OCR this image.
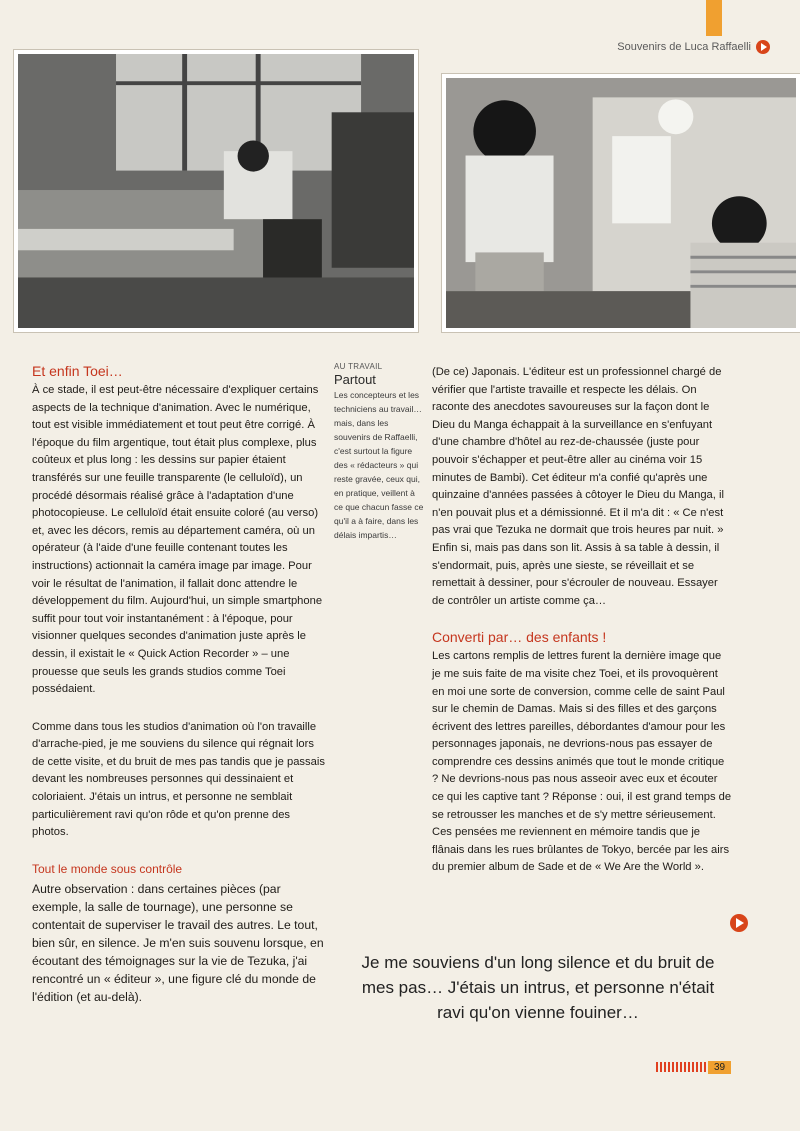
Souvenirs de Luca Raffaelli
Et enfin Toei…

À ce stade, il est peut-être nécessaire d'expliquer certains aspects de la technique d'animation. Avec le numérique, tout est visible immédiatement et tout peut être corrigé. À l'époque du film argentique, tout était plus complexe, plus coûteux et plus long : les dessins sur papier étaient transférés sur une feuille transparente (le celluloïd), un procédé désormais réalisé grâce à l'adaptation d'une photocopieuse. Le celluloïd était ensuite coloré (au verso) et, avec les décors, remis au département caméra, où un opérateur (à l'aide d'une feuille contenant toutes les instructions) actionnait la caméra image par image. Pour voir le résultat de l'animation, il fallait donc attendre le développement du film. Aujourd'hui, un simple smartphone suffit pour tout voir instantanément : à l'époque, pour visionner quelques secondes d'animation juste après le dessin, il existait le « Quick Action Recorder » – une prouesse que seuls les grands studios comme Toei possédaient.

Comme dans tous les studios d'animation où l'on travaille d'arrache-pied, je me souviens du silence qui régnait lors de cette visite, et du bruit de mes pas tandis que je passais devant les nombreuses personnes qui dessinaient et coloriaient. J'étais un intrus, et personne ne semblait particulièrement ravi qu'on rôde et qu'on prenne des photos.

Tout le monde sous contrôle

Autre observation : dans certaines pièces (par exemple, la salle de tournage), une personne se contentait de superviser le travail des autres. Le tout, bien sûr, en silence. Je m'en suis souvenu lorsque, en écoutant des témoignages sur la vie de Tezuka, j'ai rencontré un « éditeur », une figure clé du monde de l'édition (et au-delà).

AU TRAVAIL
Partout

Les concepteurs et les techniciens au travail… mais, dans les souvenirs de Raffaelli, c'est surtout la figure des « rédacteurs » qui reste gravée, ceux qui, en pratique, veillent à ce que chacun fasse ce qu'il a à faire, dans les délais impartis…

(De ce) Japonais. L'éditeur est un professionnel chargé de vérifier que l'artiste travaille et respecte les délais. On raconte des anecdotes savoureuses sur la façon dont le Dieu du Manga échappait à la surveillance en s'enfuyant d'une chambre d'hôtel au rez-de-chaussée (juste pour pouvoir s'échapper et peut-être aller au cinéma voir 15 minutes de Bambi). Cet éditeur m'a confié qu'après une quinzaine d'années passées à côtoyer le Dieu du Manga, il n'en pouvait plus et a démissionné. Et il m'a dit : « Ce n'est pas vrai que Tezuka ne dormait que trois heures par nuit. » Enfin si, mais pas dans son lit. Assis à sa table à dessin, il s'endormait, puis, après une sieste, se réveillait et se remettait à dessiner, pour s'écrouler de nouveau. Essayer de contrôler un artiste comme ça…

Converti par… des enfants !

Les cartons remplis de lettres furent la dernière image que je me suis faite de ma visite chez Toei, et ils provoquèrent en moi une sorte de conversion, comme celle de saint Paul sur le chemin de Damas. Mais si des filles et des garçons écrivent des lettres pareilles, débordantes d'amour pour les personnages japonais, ne devrions-nous pas essayer de comprendre ces dessins animés que tout le monde critique ? Ne devrions-nous pas nous asseoir avec eux et écouter ce qui les captive tant ? Réponse : oui, il est grand temps de se retrousser les manches et de s'y mettre sérieusement. Ces pensées me reviennent en mémoire tandis que je flânais dans les rues brûlantes de Tokyo, bercée par les airs du premier album de Sade et de « We Are the World ».

Je me souviens d'un long silence et du bruit de mes pas… J'étais un intrus, et personne n'était ravi qu'on vienne fouiner…
39
